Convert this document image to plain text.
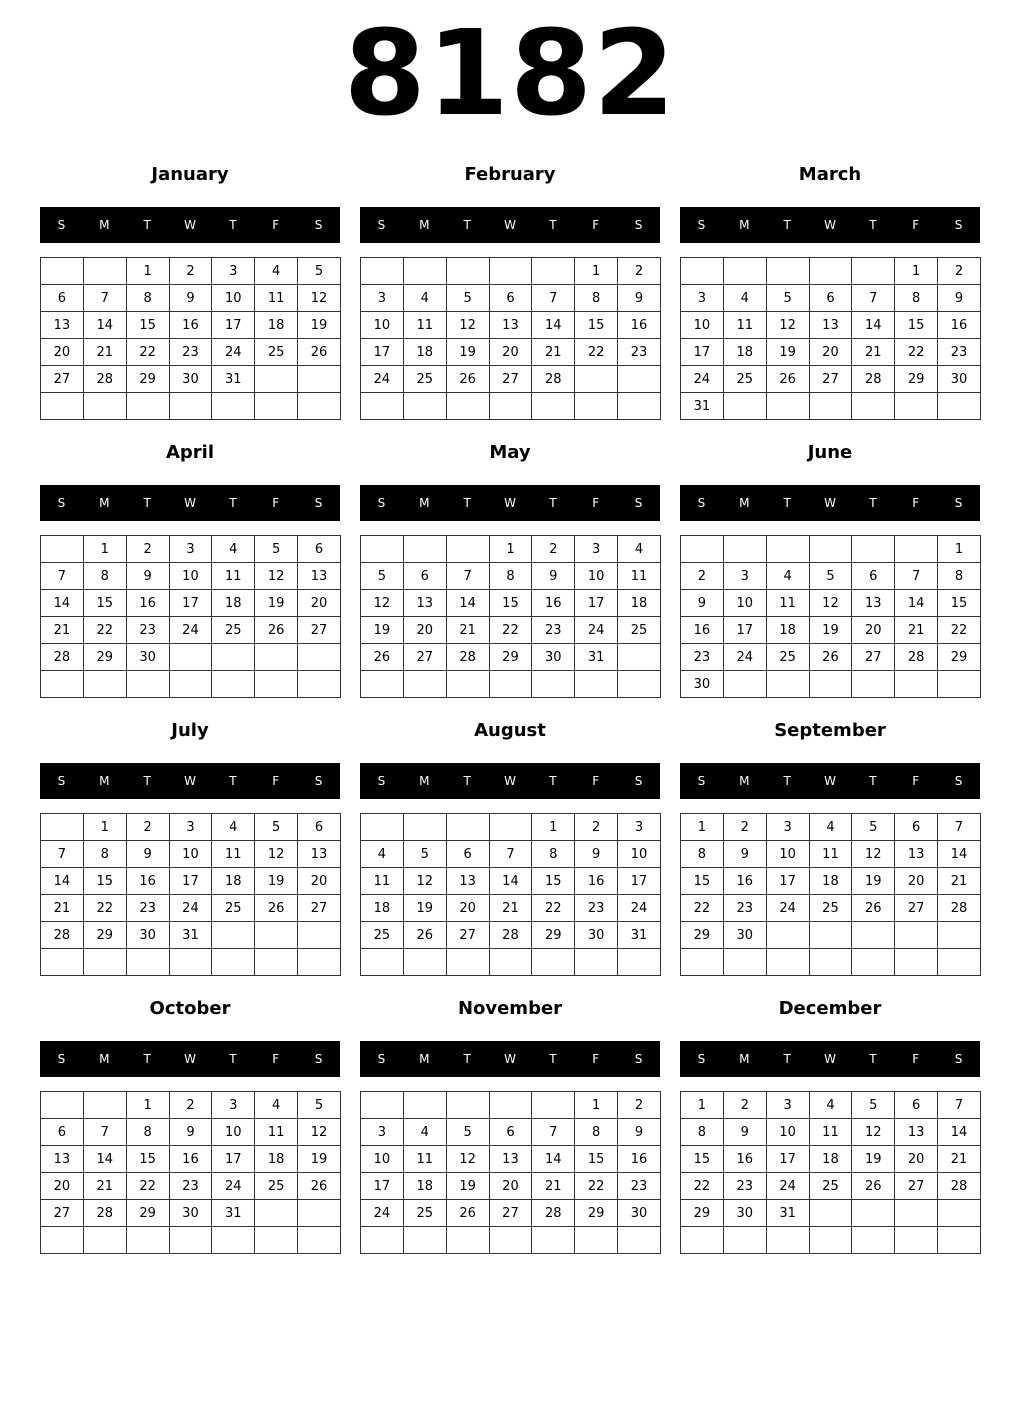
8182
January
S	M	T	W	T	F	S
		1	2	3	4	5
6	7	8	9	10	11	12
13	14	15	16	17	18	19
20	21	22	23	24	25	26
27	28	29	30	31		

February
S	M	T	W	T	F	S
					1	2
3	4	5	6	7	8	9
10	11	12	13	14	15	16
17	18	19	20	21	22	23
24	25	26	27	28		

March
S	M	T	W	T	F	S
					1	2
3	4	5	6	7	8	9
10	11	12	13	14	15	16
17	18	19	20	21	22	23
24	25	26	27	28	29	30
31						
April
S	M	T	W	T	F	S
	1	2	3	4	5	6
7	8	9	10	11	12	13
14	15	16	17	18	19	20
21	22	23	24	25	26	27
28	29	30				

May
S	M	T	W	T	F	S
			1	2	3	4
5	6	7	8	9	10	11
12	13	14	15	16	17	18
19	20	21	22	23	24	25
26	27	28	29	30	31	

June
S	M	T	W	T	F	S
						1
2	3	4	5	6	7	8
9	10	11	12	13	14	15
16	17	18	19	20	21	22
23	24	25	26	27	28	29
30						
July
S	M	T	W	T	F	S
	1	2	3	4	5	6
7	8	9	10	11	12	13
14	15	16	17	18	19	20
21	22	23	24	25	26	27
28	29	30	31			

August
S	M	T	W	T	F	S
				1	2	3
4	5	6	7	8	9	10
11	12	13	14	15	16	17
18	19	20	21	22	23	24
25	26	27	28	29	30	31

September
S	M	T	W	T	F	S
1	2	3	4	5	6	7
8	9	10	11	12	13	14
15	16	17	18	19	20	21
22	23	24	25	26	27	28
29	30					

October
S	M	T	W	T	F	S
		1	2	3	4	5
6	7	8	9	10	11	12
13	14	15	16	17	18	19
20	21	22	23	24	25	26
27	28	29	30	31		

November
S	M	T	W	T	F	S
					1	2
3	4	5	6	7	8	9
10	11	12	13	14	15	16
17	18	19	20	21	22	23
24	25	26	27	28	29	30

December
S	M	T	W	T	F	S
1	2	3	4	5	6	7
8	9	10	11	12	13	14
15	16	17	18	19	20	21
22	23	24	25	26	27	28
29	30	31				
